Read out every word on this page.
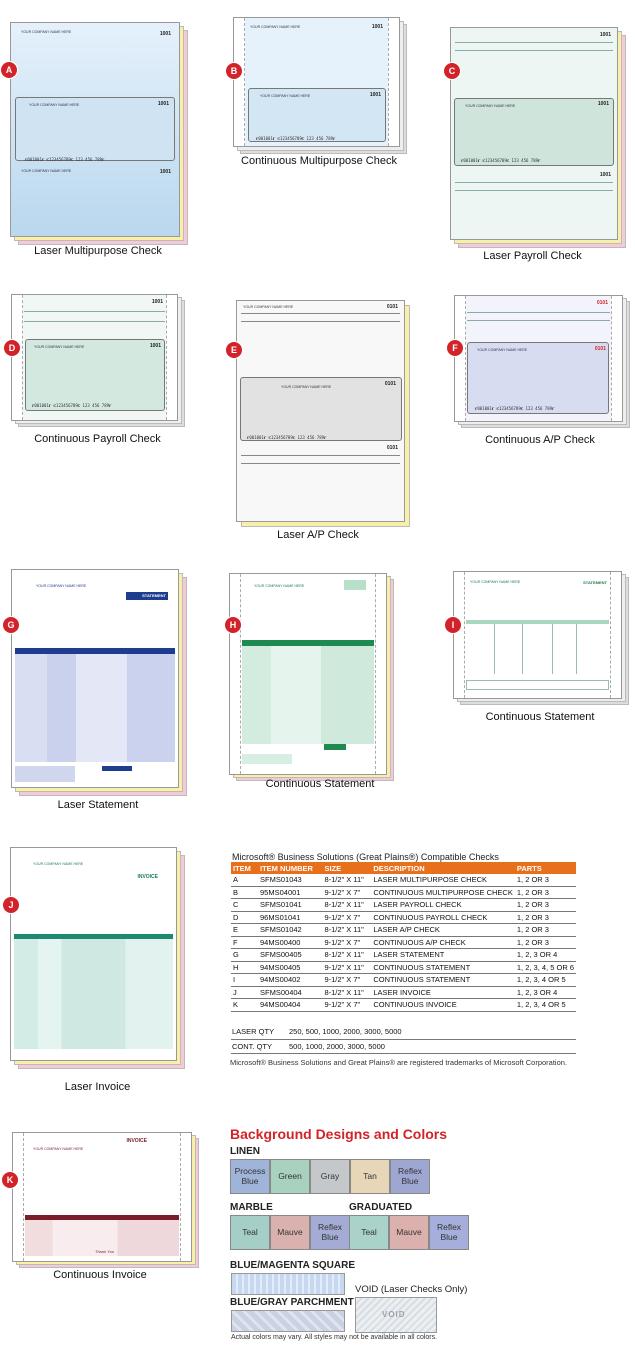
1001
YOUR COMPANY NAME HERE
YOUR COMPANY NAME HERE	1001
⑈001001⑈ ⑆123456789⑆ 123 456 789⑈
YOUR COMPANY NAME HERE	1001
A
Laser Multipurpose Check
1001
YOUR COMPANY NAME HERE
YOUR COMPANY NAME HERE	1001
⑈001001⑈ ⑆123456789⑆ 123 456 789⑈
B
Continuous Multipurpose Check
1001
1001
YOUR COMPANY NAME HERE
⑈001001⑈ ⑆123456789⑆ 123 456 789⑈
1001
C
Laser Payroll Check
1001
1001
YOUR COMPANY NAME HERE
⑈001001⑈ ⑆123456789⑆ 123 456 789⑈
D
Continuous Payroll Check
0101
YOUR COMPANY NAME HERE
0101
YOUR COMPANY NAME HERE
⑈001001⑈ ⑆123456789⑆ 123 456 789⑈
0101
E
Laser A/P Check
0101
0101
YOUR COMPANY NAME HERE
⑈001001⑈ ⑆123456789⑆ 123 456 789⑈
F
Continuous A/P Check
YOUR COMPANY NAME HERE
STATEMENT
G
Laser Statement
YOUR COMPANY NAME HERE
H
Continuous Statement
YOUR COMPANY NAME HERE	STATEMENT
I
Continuous Statement
YOUR COMPANY NAME HERE
INVOICE
J
Laser Invoice
Microsoft® Business Solutions (Great Plains®) Compatible Checks
ITEM	ITEM NUMBER	SIZE	DESCRIPTION	PARTS
A	SFMS01043	8-1/2" X 11"	LASER MULTIPURPOSE CHECK	1, 2 OR 3
B	95MS04001	9-1/2" X 7"	CONTINUOUS MULTIPURPOSE CHECK	1, 2 OR 3
C	SFMS01041	8-1/2" X 11"	LASER PAYROLL CHECK	1, 2 OR 3
D	96MS01041	9-1/2" X 7"	CONTINUOUS PAYROLL CHECK	1, 2 OR 3
E	SFMS01042	8-1/2" X 11"	LASER A/P CHECK	1, 2 OR 3
F	94MS00400	9-1/2" X 7"	CONTINUOUS A/P CHECK	1, 2 OR 3
G	SFMS00405	8-1/2" X 11"	LASER STATEMENT	1, 2, 3 OR 4
H	94MS00405	9-1/2" X 11"	CONTINUOUS STATEMENT	1, 2, 3, 4, 5 OR 6
I	94MS00402	9-1/2" X 7"	CONTINUOUS STATEMENT	1, 2, 3, 4 OR 5
J	SFMS00404	8-1/2" X 11"	LASER INVOICE	1, 2, 3 OR 4
K	94MS00404	9-1/2" X 7"	CONTINUOUS INVOICE	1, 2, 3, 4 OR 5
LASER QTY 250, 500, 1000, 2000, 3000, 5000
CONT. QTY 500, 1000, 2000, 3000, 5000
Microsoft® Business Solutions and Great Plains® are registered trademarks of Microsoft Corporation.
INVOICE
YOUR COMPANY NAME HERE
Thank You
K
Continuous Invoice
Background Designs and Colors
LINEN
Process Blue	Green	Gray	Tan	Reflex Blue
MARBLE	GRADUATED
Teal	Mauve	Reflex Blue	Teal	Mauve	Reflex Blue
BLUE/MAGENTA SQUARE
BLUE/GRAY PARCHMENT
VOID (Laser Checks Only)
VOID
Actual colors may vary. All styles may not be available in all colors.
